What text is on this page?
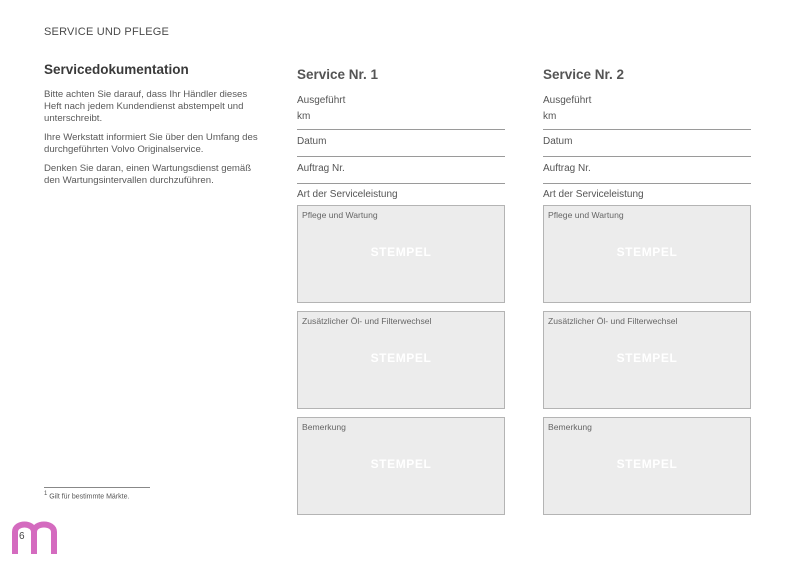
SERVICE UND PFLEGE
Servicedokumentation

Bitte achten Sie darauf, dass Ihr Händler dieses Heft nach jedem Kundendienst abstempelt und unterschreibt.

Ihre Werkstatt informiert Sie über den Umfang des durchgeführten Volvo Originalservice.

Denken Sie daran, einen Wartungsdienst gemäß den Wartungsintervallen durchzuführen.

$^1$ Gilt für bestimmte Märkte.
6
Service Nr. 1
Ausgeführt
km
Datum
Auftrag Nr.
Art der Serviceleistung
Pflege und Wartung
STEMPEL
Zusätzlicher Öl- und Filterwechsel
STEMPEL
Bemerkung
STEMPEL
Service Nr. 2
Ausgeführt
km
Datum
Auftrag Nr.
Art der Serviceleistung
Pflege und Wartung
STEMPEL
Zusätzlicher Öl- und Filterwechsel
STEMPEL
Bemerkung
STEMPEL
